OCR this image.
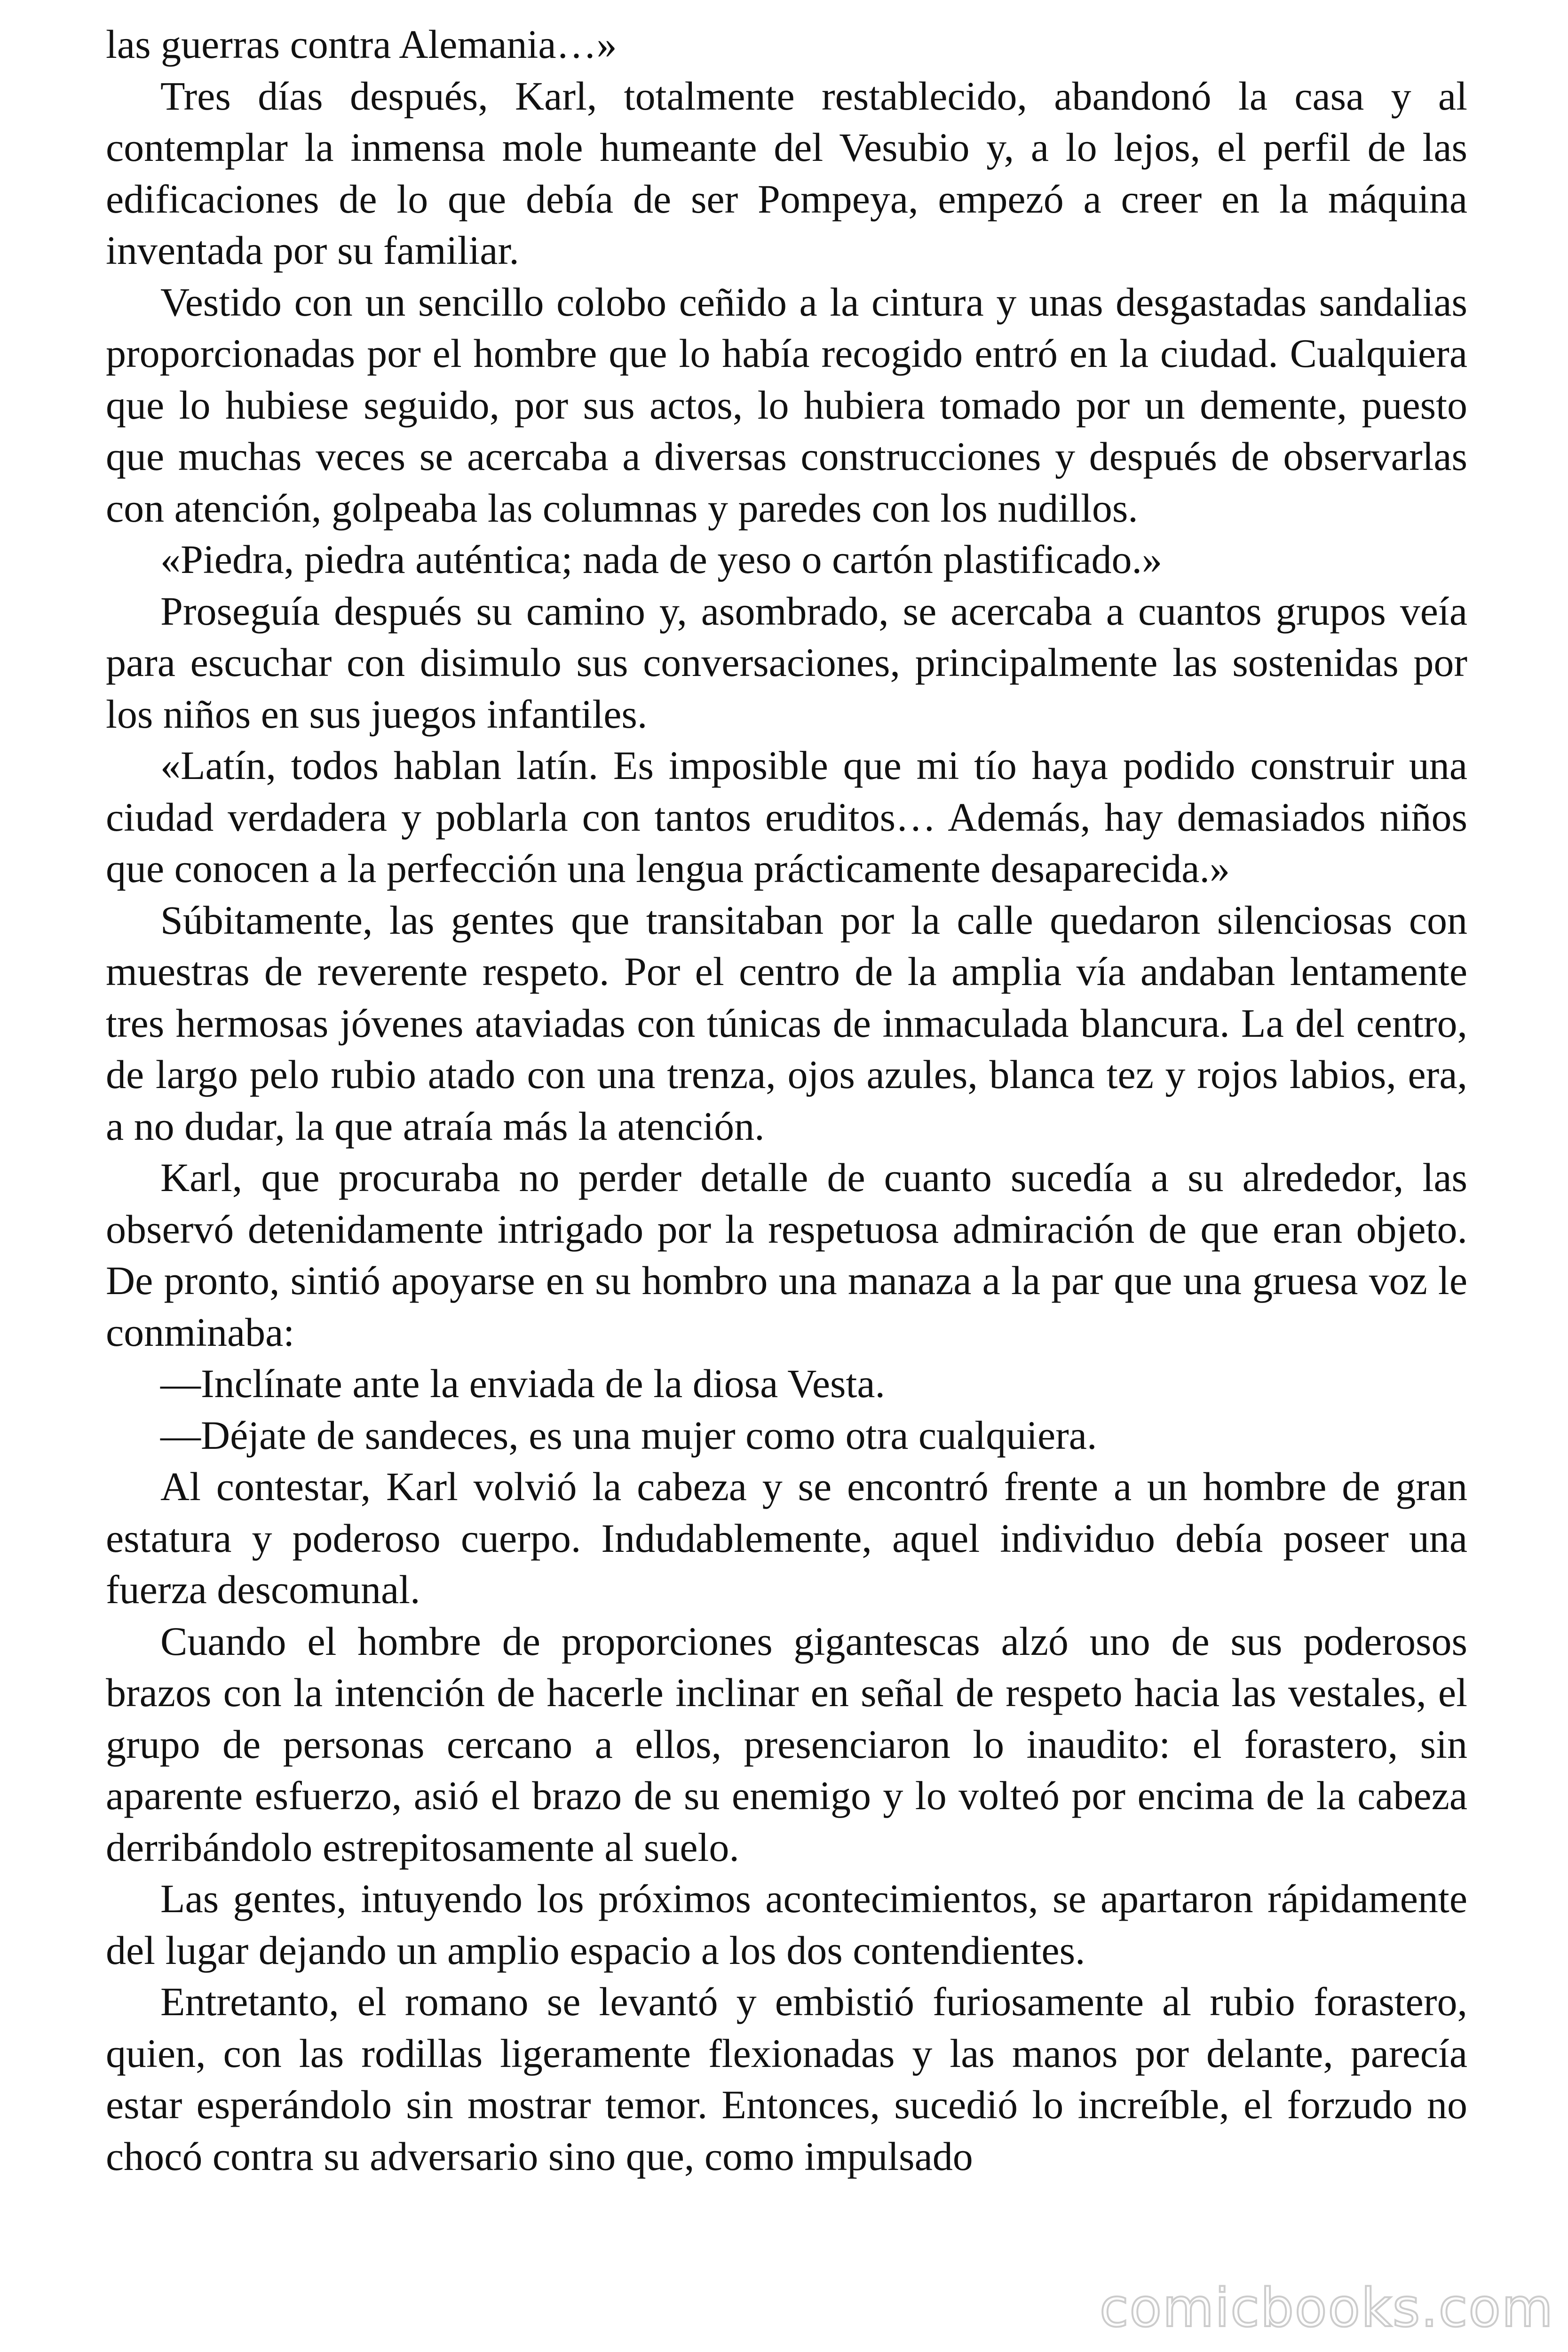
las guerras contra Alemania…»

Tres días después, Karl, totalmente restablecido, abandonó la casa y al contemplar la inmensa mole humeante del Vesubio y, a lo lejos, el perfil de las edificaciones de lo que debía de ser Pompeya, empezó a creer en la máquina inventada por su familiar.

Vestido con un sencillo colobo ceñido a la cintura y unas desgastadas sandalias proporcionadas por el hombre que lo había recogido entró en la ciudad. Cualquiera que lo hubiese seguido, por sus actos, lo hubiera tomado por un demente, puesto que muchas veces se acercaba a diversas construcciones y después de observarlas con atención, golpeaba las columnas y paredes con los nudillos.

«Piedra, piedra auténtica; nada de yeso o cartón plastificado.»

Proseguía después su camino y, asombrado, se acercaba a cuantos grupos veía para escuchar con disimulo sus conversaciones, principalmente las sostenidas por los niños en sus juegos infantiles.

«Latín, todos hablan latín. Es imposible que mi tío haya podido construir una ciudad verdadera y poblarla con tantos eruditos… Además, hay demasiados niños que conocen a la perfección una lengua prácticamente desaparecida.»

Súbitamente, las gentes que transitaban por la calle quedaron silenciosas con muestras de reverente respeto. Por el centro de la amplia vía andaban lentamente tres hermosas jóvenes ataviadas con túnicas de inmaculada blancura. La del centro, de largo pelo rubio atado con una trenza, ojos azules, blanca tez y rojos labios, era, a no dudar, la que atraía más la atención.

Karl, que procuraba no perder detalle de cuanto sucedía a su alrededor, las observó detenidamente intrigado por la respetuosa admiración de que eran objeto. De pronto, sintió apoyarse en su hombro una manaza a la par que una gruesa voz le conminaba:

—Inclínate ante la enviada de la diosa Vesta.

—Déjate de sandeces, es una mujer como otra cualquiera.

Al contestar, Karl volvió la cabeza y se encontró frente a un hombre de gran estatura y poderoso cuerpo. Indudablemente, aquel individuo debía poseer una fuerza descomunal.

Cuando el hombre de proporciones gigantescas alzó uno de sus poderosos brazos con la intención de hacerle inclinar en señal de respeto hacia las vestales, el grupo de personas cercano a ellos, presenciaron lo inaudito: el forastero, sin aparente esfuerzo, asió el brazo de su enemigo y lo volteó por encima de la cabeza derribándolo estrepitosamente al suelo.

Las gentes, intuyendo los próximos acontecimientos, se apartaron rápidamente del lugar dejando un amplio espacio a los dos contendientes.

Entretanto, el romano se levantó y embistió furiosamente al rubio forastero, quien, con las rodillas ligeramente flexionadas y las manos por delante, parecía estar esperándolo sin mostrar temor. Entonces, sucedió lo increíble, el forzudo no chocó contra su adversario sino que, como impulsado

comicbooks.com
